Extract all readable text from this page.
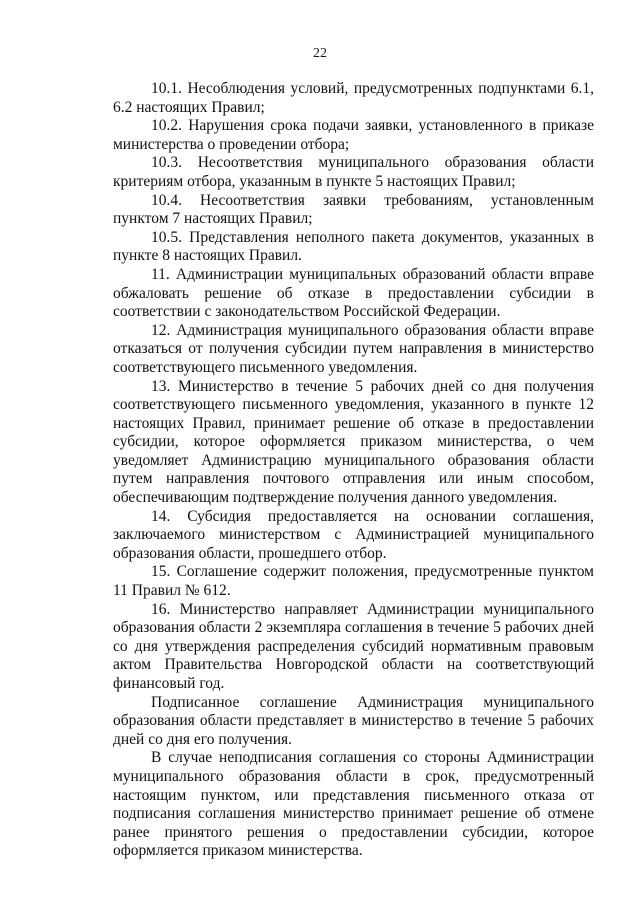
22

10.1. Несоблюдения условий, предусмотренных подпунктами 6.1, 6.2 настоящих Правил;

10.2. Нарушения срока подачи заявки, установленного в приказе министерства о проведении отбора;

10.3. Несоответствия муниципального образования области критериям отбора, указанным в пункте 5 настоящих Правил;

10.4. Несоответствия заявки требованиям, установленным пунктом 7 настоящих Правил;

10.5. Представления неполного пакета документов, указанных в пункте 8 настоящих Правил.

11. Администрации муниципальных образований области вправе обжаловать решение об отказе в предоставлении субсидии в соответствии с законодательством Российской Федерации.

12. Администрация муниципального образования области вправе отказаться от получения субсидии путем направления в министерство соответствующего письменного уведомления.

13. Министерство в течение 5 рабочих дней со дня получения соответствующего письменного уведомления, указанного в пункте 12 настоящих Правил, принимает решение об отказе в предоставлении субсидии, которое оформляется приказом министерства, о чем уведомляет Администрацию муниципального образования области путем направления почтового отправления или иным способом, обеспечивающим подтверждение получения данного уведомления.

14. Субсидия предоставляется на основании соглашения, заключаемого министерством с Администрацией муниципального образования области, прошедшего отбор.

15. Соглашение содержит положения, предусмотренные пунктом 11 Правил № 612.

16. Министерство направляет Администрации муниципального образования области 2 экземпляра соглашения в течение 5 рабочих дней со дня утверждения распределения субсидий нормативным правовым актом Правительства Новгородской области на соответствующий финансовый год.

Подписанное соглашение Администрация муниципального образования области представляет в министерство в течение 5 рабочих дней со дня его получения.

В случае неподписания соглашения со стороны Администрации муниципального образования области в срок, предусмотренный настоящим пунктом, или представления письменного отказа от подписания соглашения министерство принимает решение об отмене ранее принятого решения о предоставлении субсидии, которое оформляется приказом министерства.
